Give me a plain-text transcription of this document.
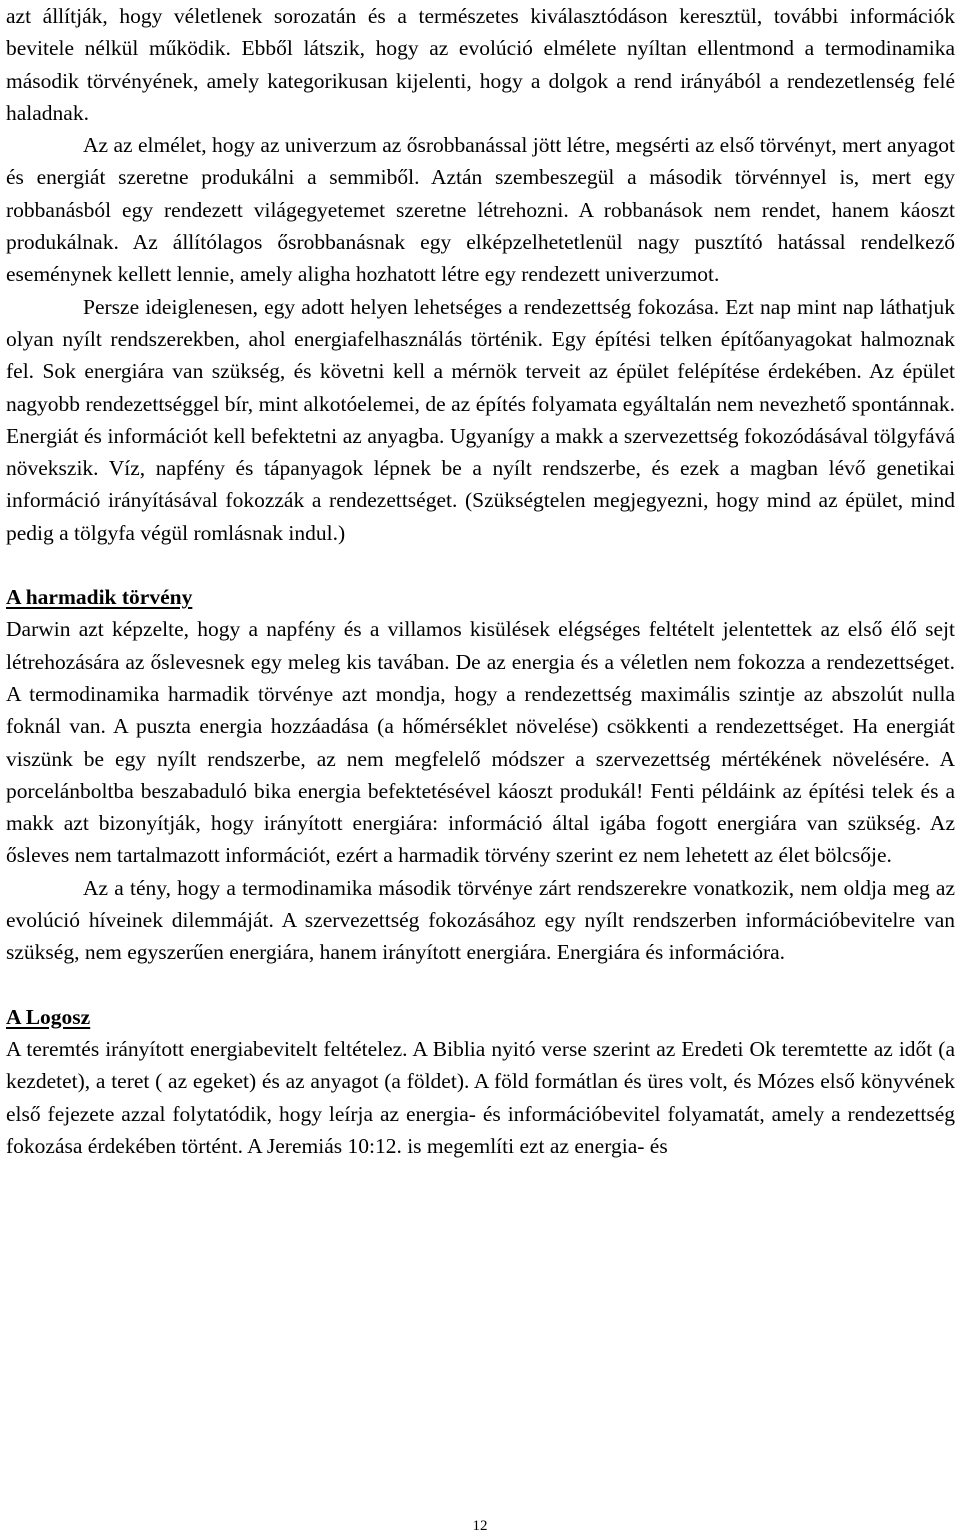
azt állítják, hogy véletlenek sorozatán és a természetes kiválasztódáson keresztül, további információk bevitele nélkül működik. Ebből látszik, hogy az evolúció elmélete nyíltan ellentmond a termodinamika második törvényének, amely kategorikusan kijelenti, hogy a dolgok a rend irányából a rendezetlenség felé haladnak.

Az az elmélet, hogy az univerzum az ősrobbanással jött létre, megsérti az első törvényt, mert anyagot és energiát szeretne produkálni a semmiből. Aztán szembeszegül a második törvénnyel is, mert egy robbanásból egy rendezett világegyetemet szeretne létrehozni. A robbanások nem rendet, hanem káoszt produkálnak. Az állítólagos ősrobbanásnak egy elképzelhetetlenül nagy pusztító hatással rendelkező eseménynek kellett lennie, amely aligha hozhatott létre egy rendezett univerzumot.

Persze ideiglenesen, egy adott helyen lehetséges a rendezettség fokozása. Ezt nap mint nap láthatjuk olyan nyílt rendszerekben, ahol energiafelhasználás történik. Egy építési telken építőanyagokat halmoznak fel. Sok energiára van szükség, és követni kell a mérnök terveit az épület felépítése érdekében. Az épület nagyobb rendezettséggel bír, mint alkotóelemei, de az építés folyamata egyáltalán nem nevezhető spontánnak. Energiát és információt kell befektetni az anyagba. Ugyanígy a makk a szervezettség fokozódásával tölgyfává növekszik. Víz, napfény és tápanyagok lépnek be a nyílt rendszerbe, és ezek a magban lévő genetikai információ irányításával fokozzák a rendezettséget. (Szükségtelen megjegyezni, hogy mind az épület, mind pedig a tölgyfa végül romlásnak indul.)

A harmadik törvény

Darwin azt képzelte, hogy a napfény és a villamos kisülések elégséges feltételt jelentettek az első élő sejt létrehozására az őslevesnek egy meleg kis tavában. De az energia és a véletlen nem fokozza a rendezettséget. A termodinamika harmadik törvénye azt mondja, hogy a rendezettség maximális szintje az abszolút nulla foknál van. A puszta energia hozzáadása (a hőmérséklet növelése) csökkenti a rendezettséget. Ha energiát viszünk be egy nyílt rendszerbe, az nem megfelelő módszer a szervezettség mértékének növelésére. A porcelánboltba beszabaduló bika energia befektetésével káoszt produkál! Fenti példáink az építési telek és a makk azt bizonyítják, hogy irányított energiára: információ által igába fogott energiára van szükség. Az ősleves nem tartalmazott információt, ezért a harmadik törvény szerint ez nem lehetett az élet bölcsője.

Az a tény, hogy a termodinamika második törvénye zárt rendszerekre vonatkozik, nem oldja meg az evolúció híveinek dilemmáját. A szervezettség fokozásához egy nyílt rendszerben információbevitelre van szükség, nem egyszerűen energiára, hanem irányított energiára. Energiára és információra.

A Logosz

A teremtés irányított energiabevitelt feltételez. A Biblia nyitó verse szerint az Eredeti Ok teremtette az időt (a kezdetet), a teret ( az egeket) és az anyagot (a földet). A föld formátlan és üres volt, és Mózes első könyvének első fejezete azzal folytatódik, hogy leírja az energia- és információbevitel folyamatát, amely a rendezettség fokozása érdekében történt. A Jeremiás 10:12. is megemlíti ezt az energia- és

12
